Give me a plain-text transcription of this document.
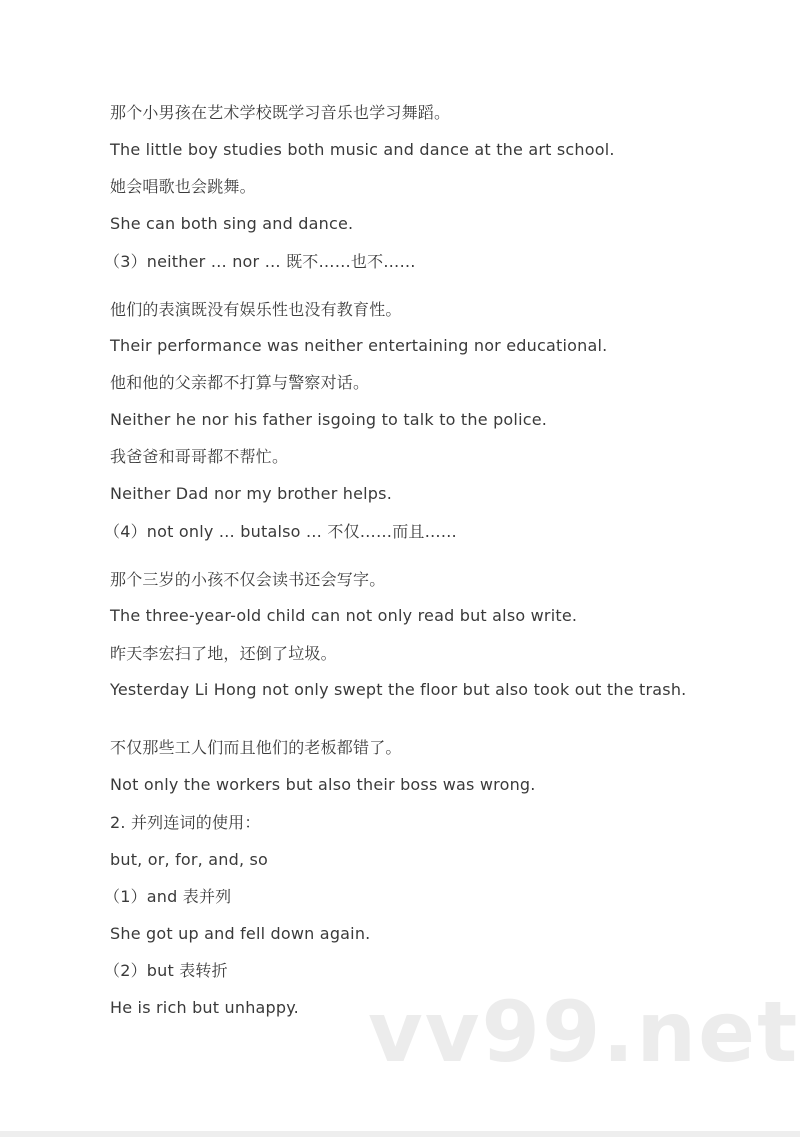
那个小男孩在艺术学校既学习音乐也学习舞蹈。
The little boy studies both music and dance at the art school.
她会唱歌也会跳舞。
She can both sing and dance.
（3）neither … nor … 既不……也不……
他们的表演既没有娱乐性也没有教育性。
Their performance was neither entertaining nor educational.
他和他的父亲都不打算与警察对话。
Neither he nor his father isgoing to talk to the police.
我爸爸和哥哥都不帮忙。
Neither Dad nor my brother helps.
（4）not only … butalso … 不仅……而且……
那个三岁的小孩不仅会读书还会写字。
The three-year-old child can not only read but also write.
昨天李宏扫了地，还倒了垃圾。
Yesterday Li Hong not only swept the floor but also took out the trash.
不仅那些工人们而且他们的老板都错了。
Not only the workers but also their boss was wrong.
2. 并列连词的使用：
but, or, for, and, so
（1）and 表并列
She got up and fell down again.
（2）but 表转折
He is rich but unhappy. vv99.net
